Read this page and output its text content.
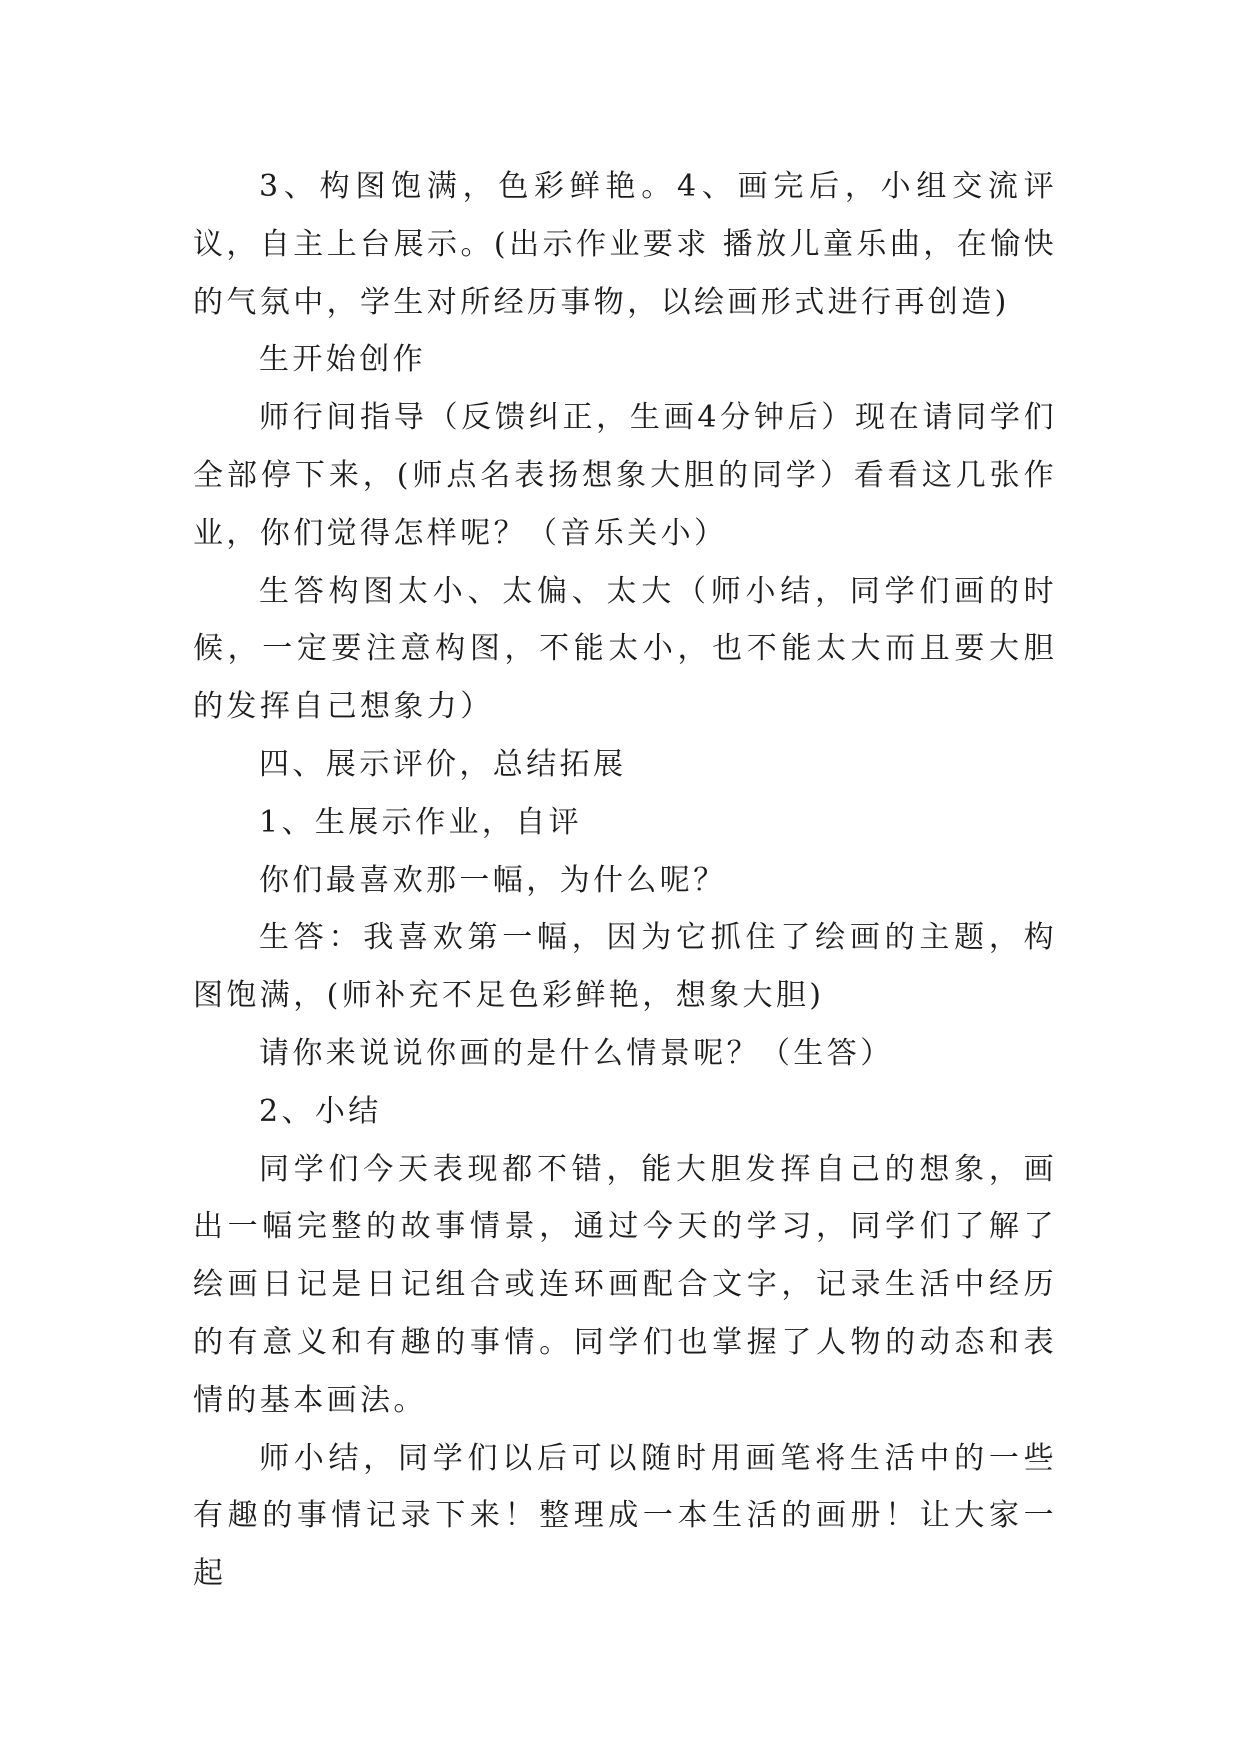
3、构图饱满，色彩鲜艳。4、画完后，小组交流评议，自主上台展示。(出示作业要求 播放儿童乐曲，在愉快的气氛中，学生对所经历事物，以绘画形式进行再创造)

生开始创作

师行间指导（反馈纠正，生画4分钟后）现在请同学们全部停下来，(师点名表扬想象大胆的同学）看看这几张作业，你们觉得怎样呢？（音乐关小）

生答构图太小、太偏、太大（师小结，同学们画的时候，一定要注意构图，不能太小，也不能太大而且要大胆的发挥自己想象力）

四、展示评价，总结拓展

1、生展示作业，自评

你们最喜欢那一幅，为什么呢？

生答：我喜欢第一幅，因为它抓住了绘画的主题，构图饱满，(师补充不足色彩鲜艳，想象大胆)

请你来说说你画的是什么情景呢？（生答）

2、小结

同学们今天表现都不错，能大胆发挥自己的想象，画出一幅完整的故事情景，通过今天的学习，同学们了解了绘画日记是日记组合或连环画配合文字，记录生活中经历的有意义和有趣的事情。同学们也掌握了人物的动态和表情的基本画法。

师小结，同学们以后可以随时用画笔将生活中的一些有趣的事情记录下来！整理成一本生活的画册！让大家一起
